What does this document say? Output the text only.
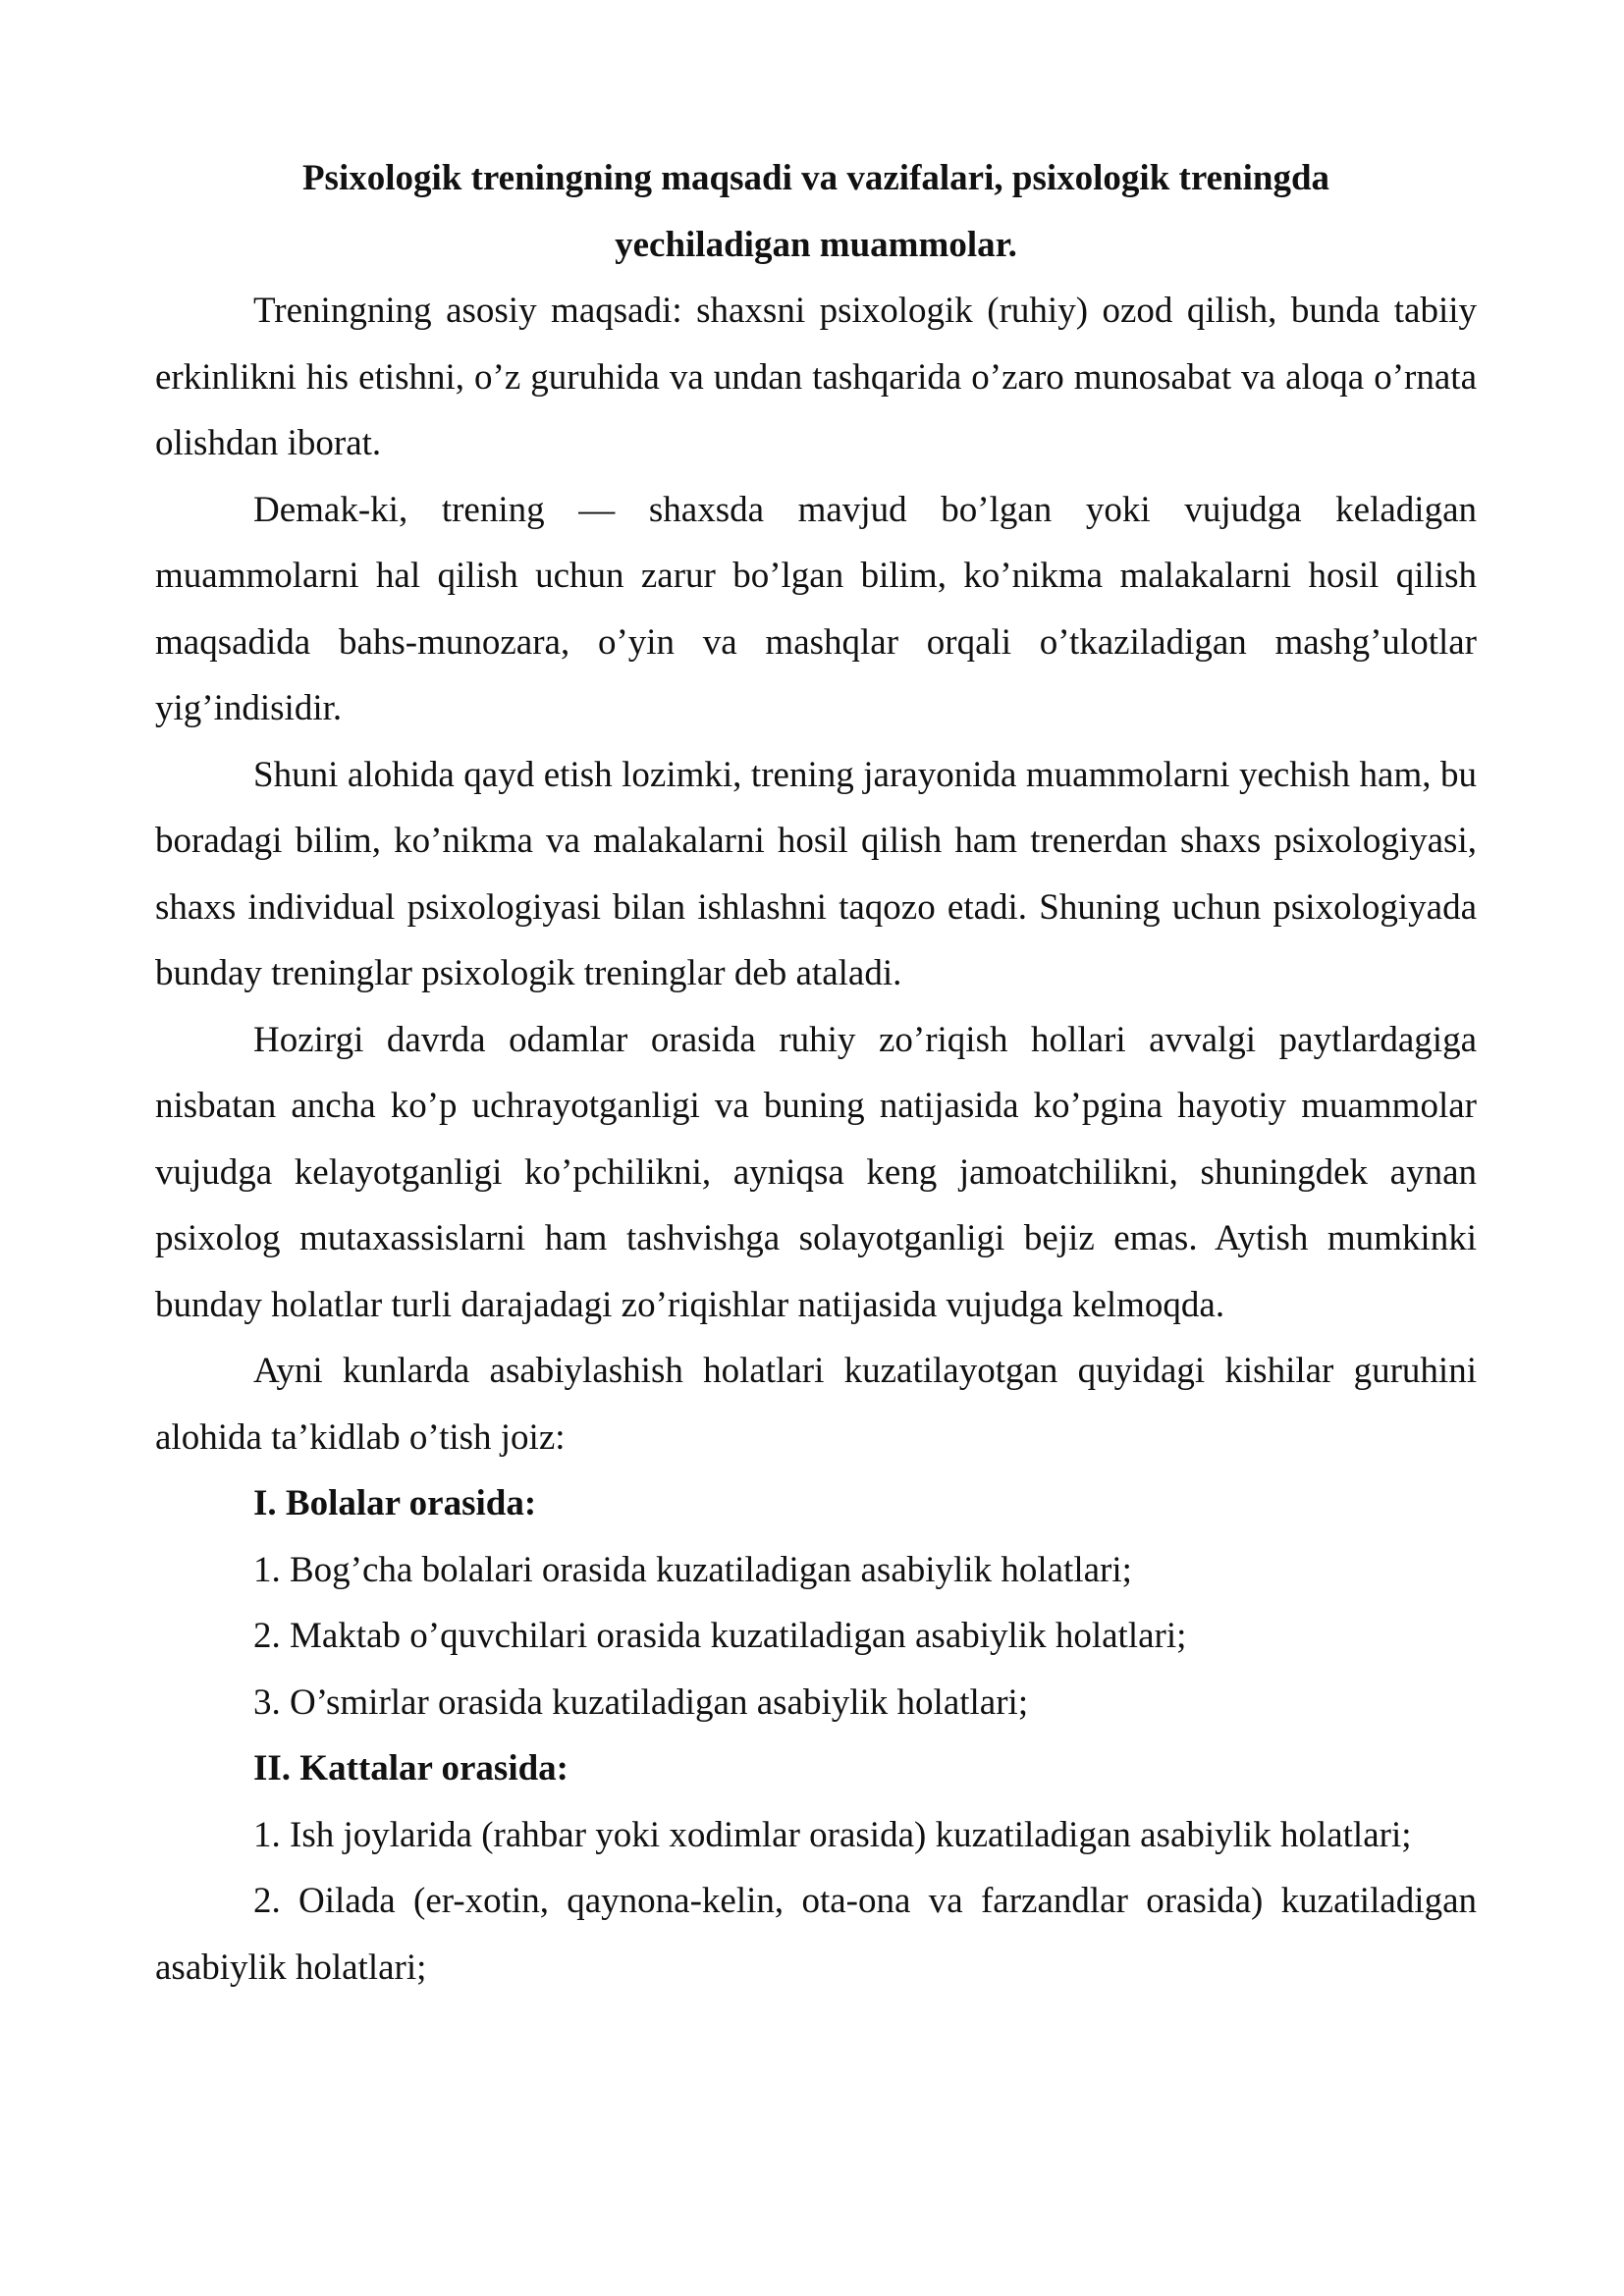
Psixologik treningning maqsadi va vazifalari, psixologik treningda
yechiladigan muammolar.

Treningning asosiy maqsadi: shaxsni psixologik (ruhiy) ozod qilish, bunda tabiiy erkinlikni his etishni, o’z guruhida va undan tashqarida o’zaro munosabat va aloqa o’rnata olishdan iborat.

Demak-ki, trening — shaxsda mavjud bo’lgan yoki vujudga keladigan muammolarni hal qilish uchun zarur bo’lgan bilim, ko’nikma malakalarni hosil qilish maqsadida bahs-munozara, o’yin va mashqlar orqali o’tkaziladigan mashg’ulotlar yig’indisidir.

Shuni alohida qayd etish lozimki, trening jarayonida muammolarni yechish ham, bu boradagi bilim, ko’nikma va malakalarni hosil qilish ham trenerdan shaxs psixologiyasi, shaxs individual psixologiyasi bilan ishlashni taqozo etadi. Shuning uchun psixologiyada bunday treninglar psixologik treninglar deb ataladi.

Hozirgi davrda odamlar orasida ruhiy zo’riqish hollari avvalgi paytlardagiga nisbatan ancha ko’p uchrayotganligi va buning natijasida ko’pgina hayotiy muammolar vujudga kelayotganligi ko’pchilikni, ayniqsa keng jamoatchilikni, shuningdek aynan psixolog mutaxassislarni ham tashvishga solayotganligi bejiz emas. Aytish mumkinki bunday holatlar turli darajadagi zo’riqishlar natijasida vujudga kelmoqda.

Ayni kunlarda asabiylashish holatlari kuzatilayotgan quyidagi kishilar guruhini alohida ta’kidlab o’tish joiz:

I. Bolalar orasida:

1. Bog’cha bolalari orasida kuzatiladigan asabiylik holatlari;

2. Maktab o’quvchilari orasida kuzatiladigan asabiylik holatlari;

3. O’smirlar orasida kuzatiladigan asabiylik holatlari;

II. Kattalar orasida:

1. Ish joylarida (rahbar yoki xodimlar orasida) kuzatiladigan asabiylik holatlari;

2. Oilada (er-xotin, qaynona-kelin, ota-ona va farzandlar orasida) kuzatiladigan asabiylik holatlari;
